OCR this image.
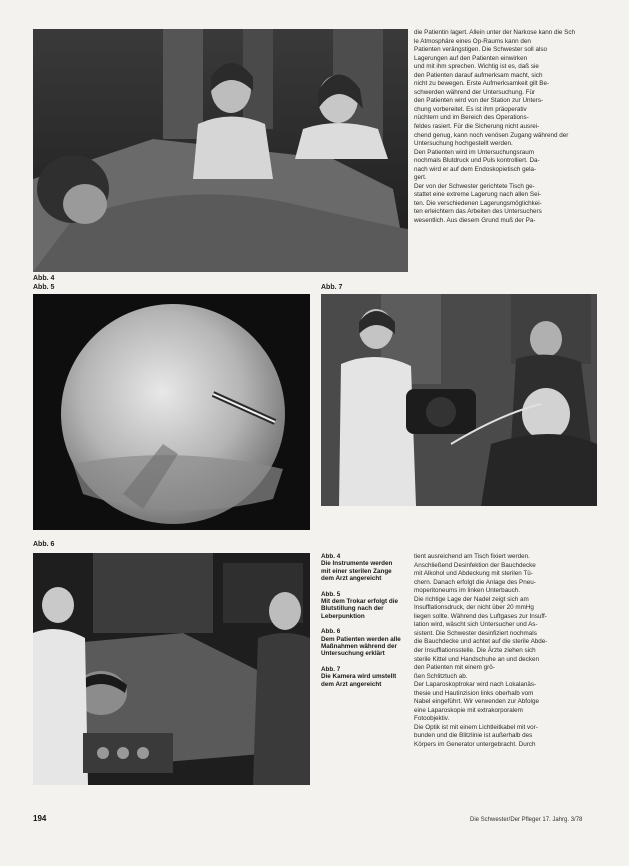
Abb. 4
Abb. 5	Abb. 7
Abb. 6

die Patientin lagert. Allein unter der Narkose kann die Sch

le Atmosphäre eines Op-Raums kann den

Patienten verängstigen. Die Schwester soll also

Lagerungen auf den Patienten einwirken

und mit ihm sprechen. Wichtig ist es, daß sie

den Patienten darauf aufmerksam macht, sich

nicht zu bewegen. Erste Aufmerksamkeit gilt Be-

schwerden während der Untersuchung. Für

den Patienten wird von der Station zur Unters-

chung vorbereitet. Es ist ihm präoperativ

nüchtern und im Bereich des Operations-

feldes rasiert. Für die Sicherung nicht ausrei-

chend genug, kann noch venösen Zugang während der

Untersuchung hochgestellt werden.

Den Patienten wird im Untersuchungsraum

nochmals Blutdruck und Puls kontrolliert. Da-

nach wird er auf dem Endoskopietisch gela-

gert.

Der von der Schwester gerichtete Tisch ge-

stattet eine extreme Lagerung nach allen Sei-

ten. Die verschiedenen Lagerungsmöglichkei-

ten erleichtern das Arbeiten des Untersuchers

wesentlich. Aus diesem Grund muß der Pa-

Abb. 4
Die Instrumente werden mit einer sterilen Zange dem Arzt angereicht
Abb. 5
Mit dem Trokar erfolgt die Blutstillung nach der Leberpunktion
Abb. 6
Dem Patienten werden alle Maßnahmen während der Untersuchung erklärt
Abb. 7
Die Kamera wird umstellt dem Arzt angereicht

tient ausreichend am Tisch fixiert werden.

Anschließend Desinfektion der Bauchdecke

mit Alkohol und Abdeckung mit sterilen Tü-

chern. Danach erfolgt die Anlage des Pneu-

moperitoneums im linken Unterbauch.

Die richtige Lage der Nadel zeigt sich am

Insufflationsdruck, der nicht über 20 mmHg

liegen sollte. Während des Luftgases zur Insuff-

lation wird, wäscht sich Untersucher und As-

sistent. Die Schwester desinfiziert nochmals

die Bauchdecke und achtet auf die sterile Abde-

der Insufflationsstelle. Die Ärzte ziehen sich

sterile Kittel und Handschuhe an und decken

den Patienten mit einem grö-

ßen Schlitztuch ab.

Der Laparoskoptrokar wird nach Lokalanäs-

thesie und Hautinzision links oberhalb vom

Nabel eingeführt. Wir verwenden zur Abfolge

eine Laparoskopie mit extrakorporalem

Fotoobjektiv.

Die Optik ist mit einem Lichtleitkabel mit vor-

bunden und die Blitzlinie ist außerhalb des

Körpers im Generator untergebracht. Durch

194	Die Schwester/Der Pfleger 17. Jahrg. 3/78
